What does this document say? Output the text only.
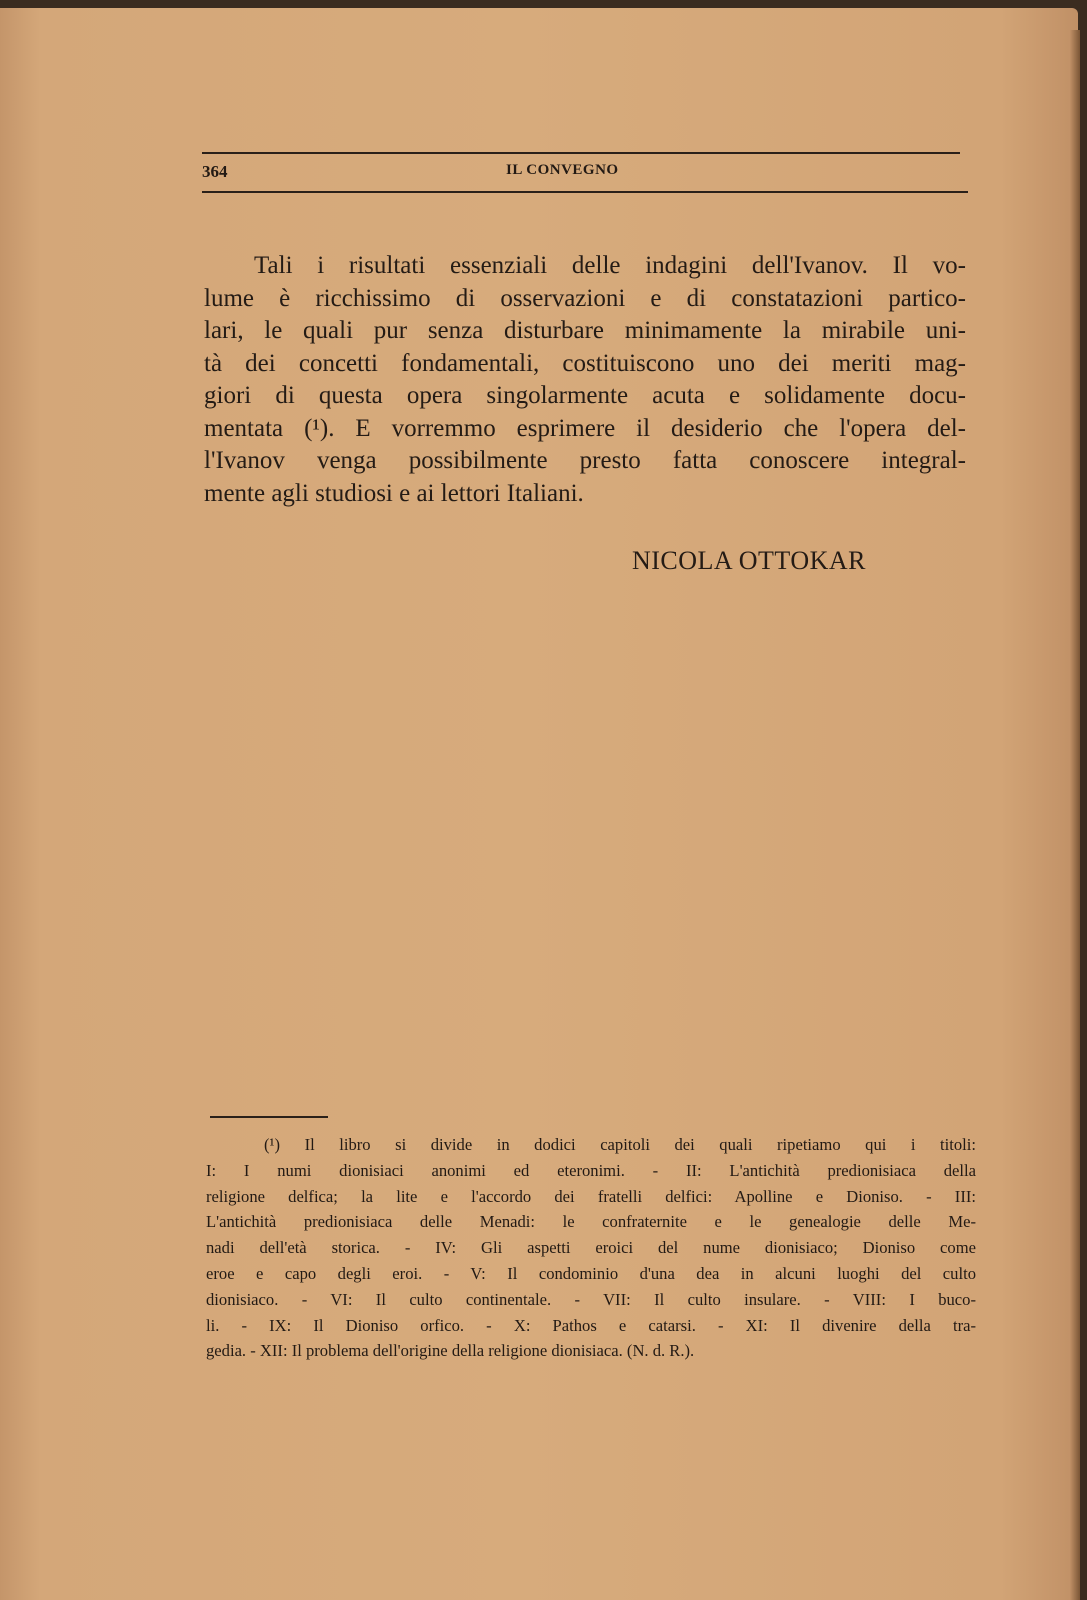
364	IL CONVEGNO
Tali i risultati essenziali delle indagini dell'Ivanov. Il vo-
lume è ricchissimo di osservazioni e di constatazioni partico-
lari, le quali pur senza disturbare minimamente la mirabile uni-
tà dei concetti fondamentali, costituiscono uno dei meriti mag-
giori di questa opera singolarmente acuta e solidamente docu-
mentata (¹). E vorremmo esprimere il desiderio che l'opera del-
l'Ivanov venga possibilmente presto fatta conoscere integral-
mente agli studiosi e ai lettori Italiani.
NICOLA OTTOKAR
(¹) Il libro si divide in dodici capitoli dei quali ripetiamo qui i titoli:
I: I numi dionisiaci anonimi ed eteronimi. - II: L'antichità predionisiaca della
religione delfica; la lite e l'accordo dei fratelli delfici: Apolline e Dioniso. - III:
L'antichità predionisiaca delle Menadi: le confraternite e le genealogie delle Me-
nadi dell'età storica. - IV: Gli aspetti eroici del nume dionisiaco; Dioniso come
eroe e capo degli eroi. - V: Il condominio d'una dea in alcuni luoghi del culto
dionisiaco. - VI: Il culto continentale. - VII: Il culto insulare. - VIII: I buco-
li. - IX: Il Dioniso orfico. - X: Pathos e catarsi. - XI: Il divenire della tra-
gedia. - XII: Il problema dell'origine della religione dionisiaca. (N. d. R.).
